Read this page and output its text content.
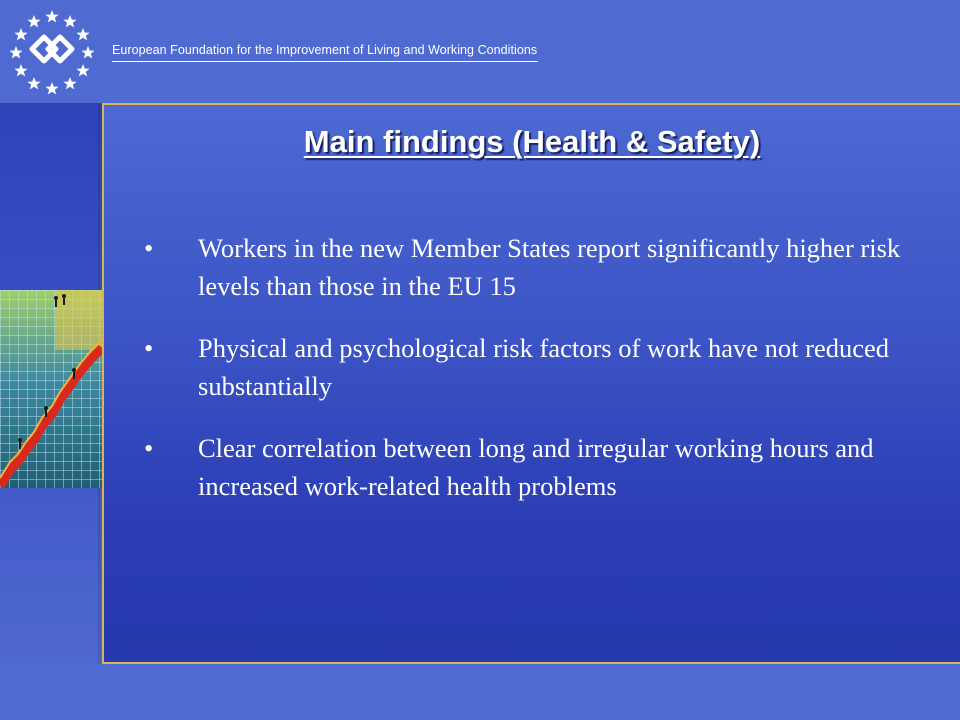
European Foundation for the Improvement of Living and Working Conditions
Main findings (Health & Safety)
• Workers in the new Member States report significantly higher risk levels than those in the EU 15
• Physical and psychological risk factors of work have not reduced substantially
• Clear correlation between long and irregular working hours and increased work-related health problems
